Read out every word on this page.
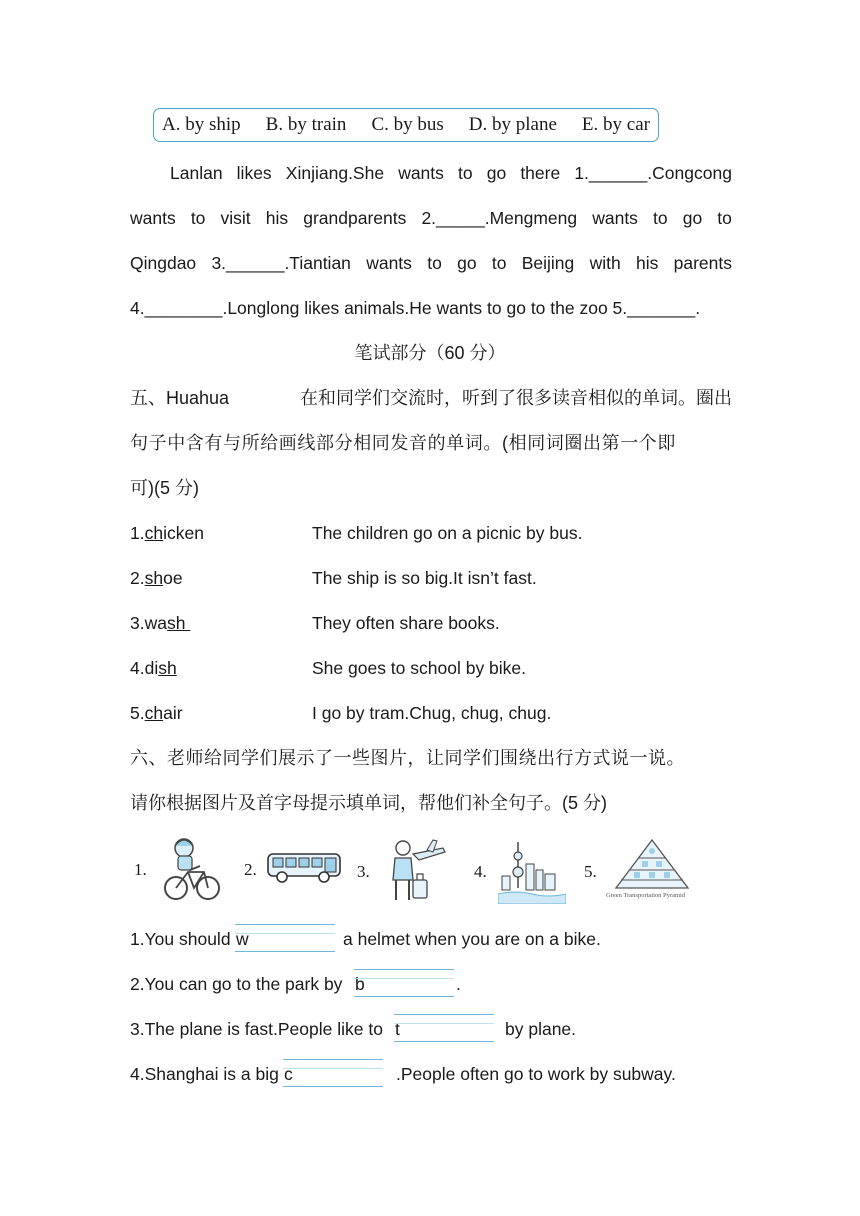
A. by ship B. by train C. by bus D. by plane E. by car
Lanlan likes Xinjiang.She wants to go there 1.______.Congcong
wants to visit his grandparents 2._____.Mengmeng wants to go to
Qingdao 3.______.Tiantian wants to go to Beijing with his parents
4.________.Longlong likes animals.He wants to go to the zoo 5._______.
笔试部分（60 分）
五、Huahua	在和同学们交流时，听到了很多读音相似的单词。圈出
句子中含有与所给画线部分相同发音的单词。(相同词圈出第一个即
可)(5 分)
1.chicken	The children go on a picnic by bus.
2.shoe	The ship is so big.It isn’t fast.
3.wash	They often share books.
4.dish	She goes to school by bike.
5.chair	I go by tram.Chug, chug, chug.
六、老师给同学们展示了一些图片，让同学们围绕出行方式说一说。
请你根据图片及首字母提示填单词，帮他们补全句子。(5 分)
1.	2.	3.	4.	5.
Green Transportation Pyramid
1.You should w	a helmet when you are on a bike.
2.You can go to the park by b	.
3.The plane is fast.People like to t	by plane.
4.Shanghai is a big c	.People often go to work by subway.
